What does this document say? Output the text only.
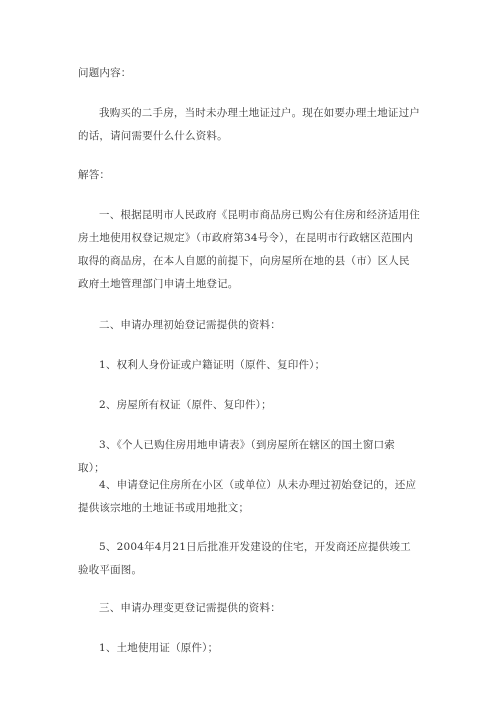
问题内容：

我购买的二手房，当时未办理土地证过户。现在如要办理土地证过户的话，请问需要什么什么资料。

解答：

一、根据昆明市人民政府《昆明市商品房已购公有住房和经济适用住房土地使用权登记规定》（市政府第34号令），在昆明市行政辖区范围内取得的商品房，在本人自愿的前提下，向房屋所在地的县（市）区人民政府土地管理部门申请土地登记。

二、申请办理初始登记需提供的资料：

1、权利人身份证或户籍证明（原件、复印件）；

2、房屋所有权证（原件、复印件）；

3、《个人已购住房用地申请表》（到房屋所在辖区的国土窗口索取）；

4、申请登记住房所在小区（或单位）从未办理过初始登记的，还应提供该宗地的土地证书或用地批文；

5、2004年4月21日后批准开发建设的住宅，开发商还应提供竣工验收平面图。

三、申请办理变更登记需提供的资料：

1、土地使用证（原件）；
